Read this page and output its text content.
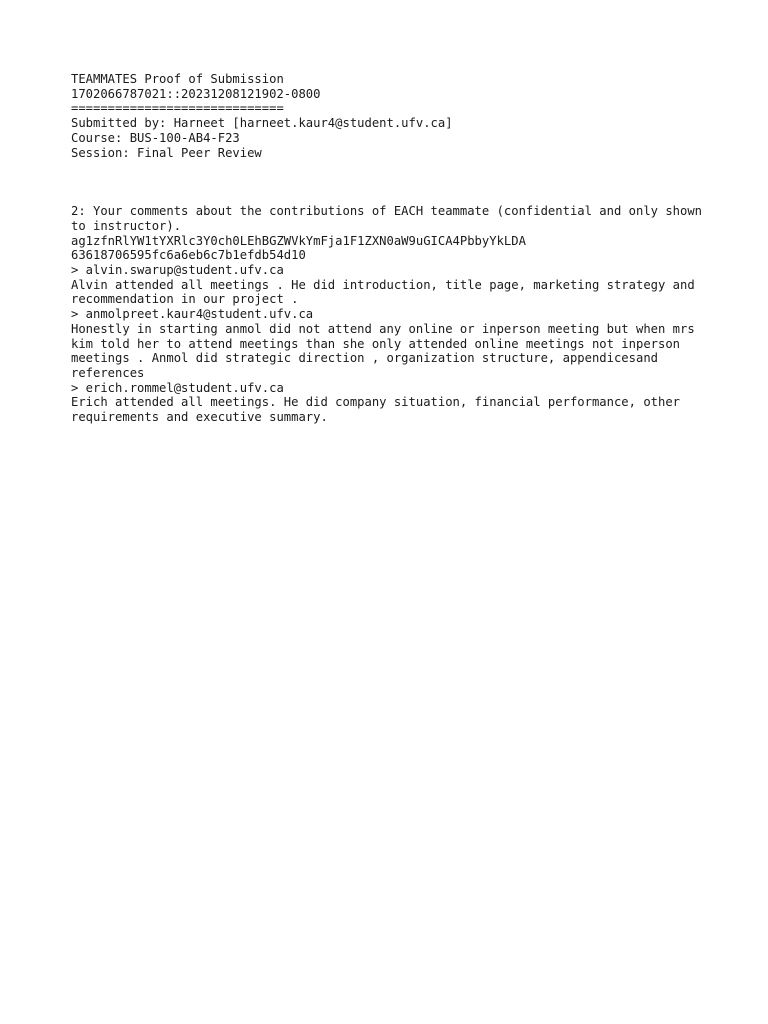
TEAMMATES Proof of Submission
1702066787021::20231208121902-0800
=============================
Submitted by: Harneet [harneet.kaur4@student.ufv.ca]
Course: BUS-100-AB4-F23
Session: Final Peer Review
2: Your comments about the contributions of EACH teammate (confidential and only shown to instructor).
ag1zfnRlYW1tYXRlc3Y0ch0LEhBGZWVkYmFja1F1ZXN0aW9uGICA4PbbyYkLDA
63618706595fc6a6eb6c7b1efdb54d10
> alvin.swarup@student.ufv.ca
Alvin attended all meetings . He did introduction, title page, marketing strategy and recommendation in our project .
> anmolpreet.kaur4@student.ufv.ca
Honestly in starting anmol did not attend any online or inperson meeting but when mrs kim told her to attend meetings than she only attended online meetings not inperson meetings . Anmol did strategic direction , organization structure, appendicesand references
> erich.rommel@student.ufv.ca
Erich attended all meetings. He did company situation, financial performance, other requirements and executive summary.
